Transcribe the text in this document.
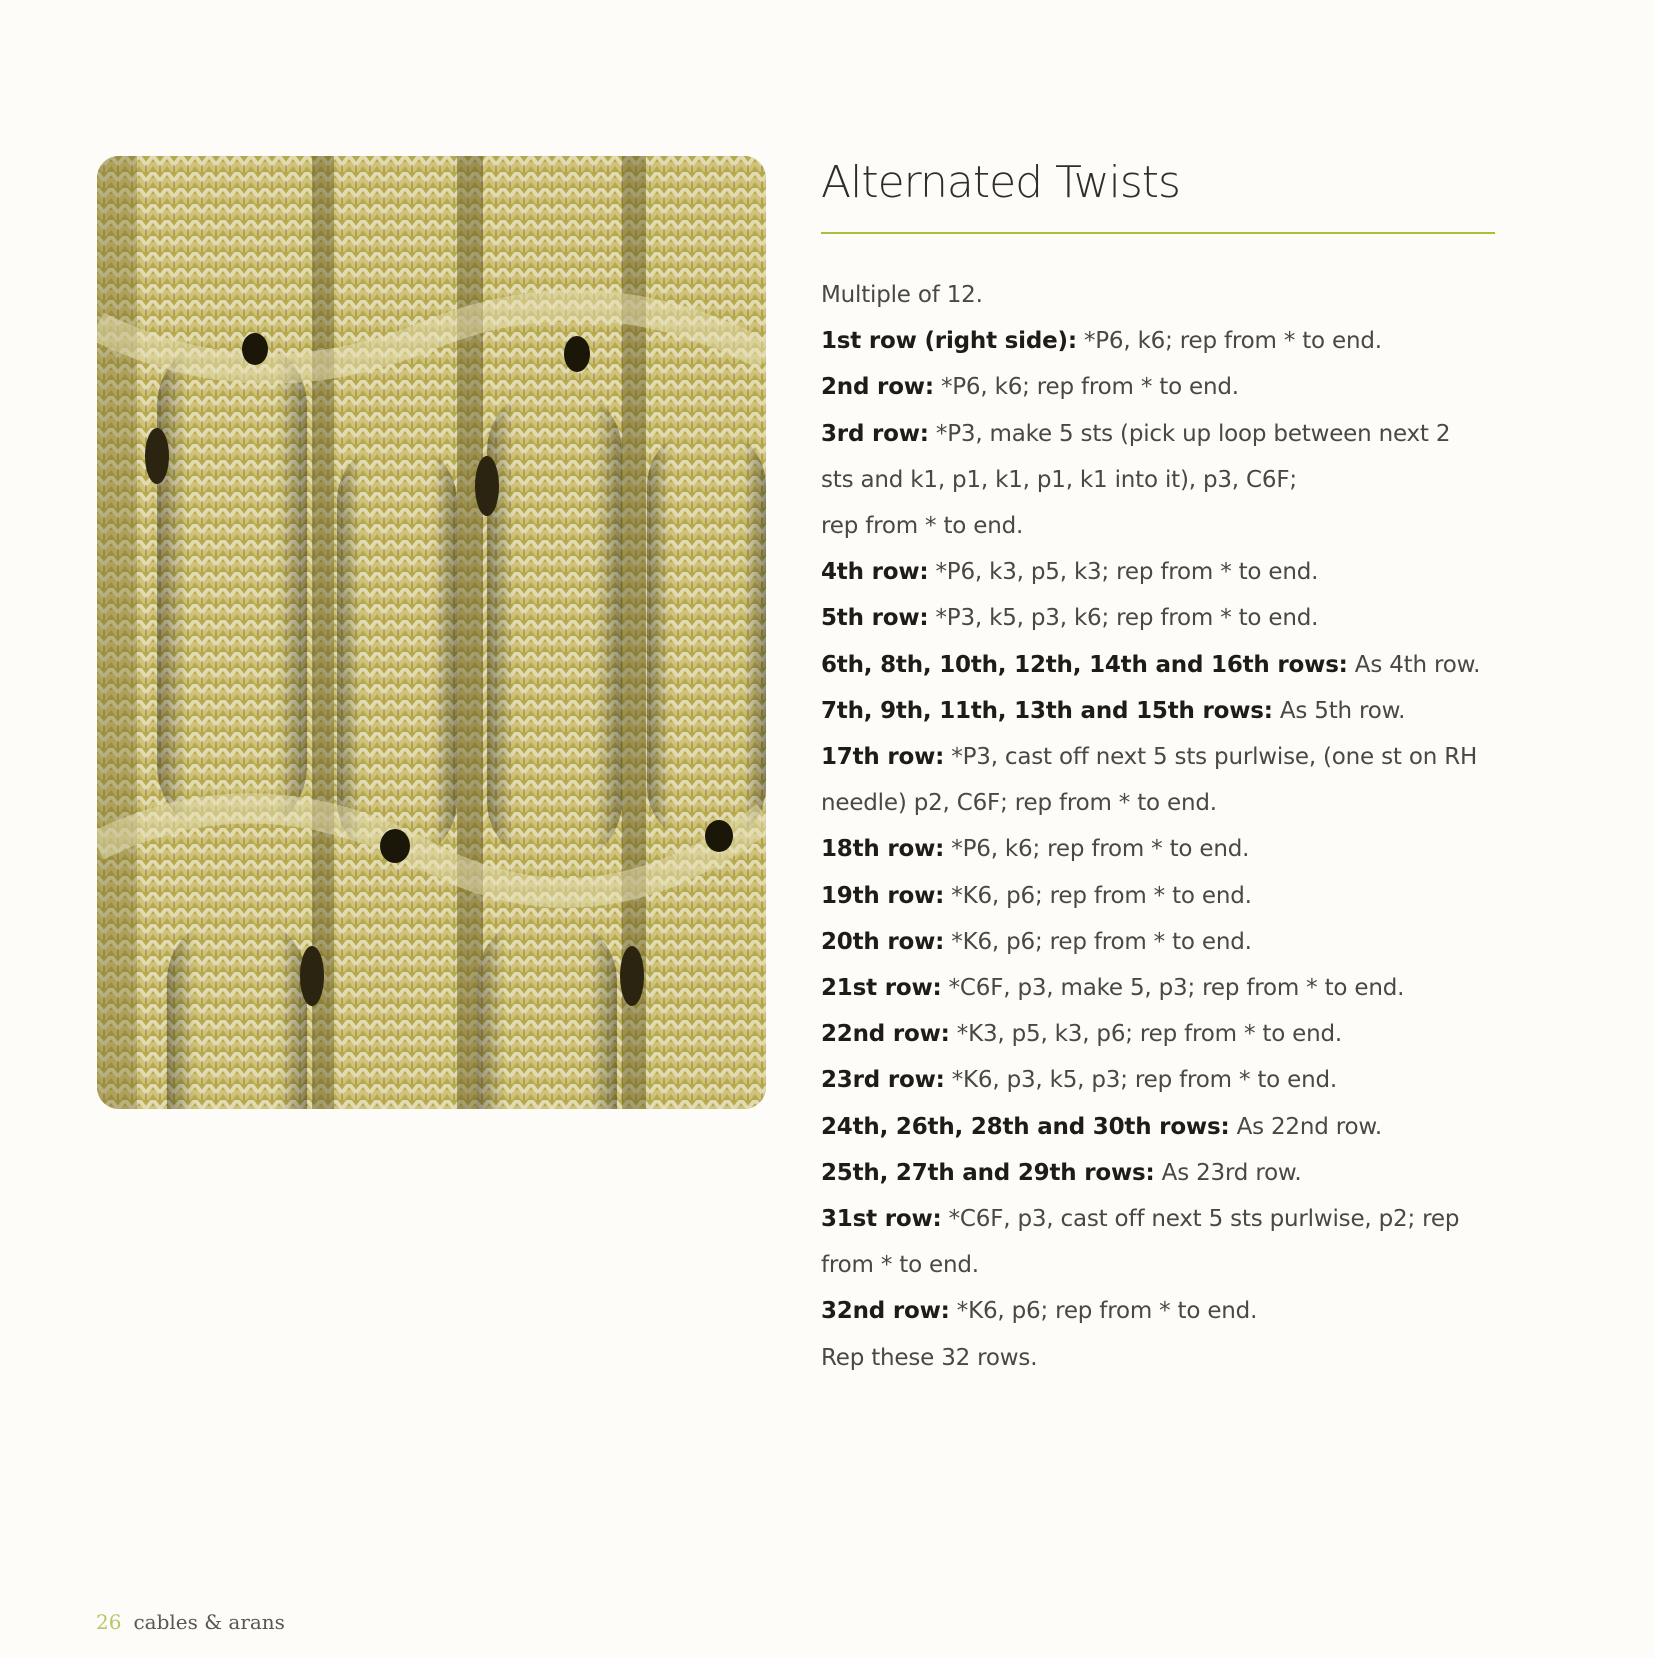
Alternated Twists
Multiple of 12.
1st row (right side): *P6, k6; rep from * to end.
2nd row: *P6, k6; rep from * to end.
3rd row: *P3, make 5 sts (pick up loop between next 2
sts and k1, p1, k1, p1, k1 into it), p3, C6F;
rep from * to end.
4th row: *P6, k3, p5, k3; rep from * to end.
5th row: *P3, k5, p3, k6; rep from * to end.
6th, 8th, 10th, 12th, 14th and 16th rows: As 4th row.
7th, 9th, 11th, 13th and 15th rows: As 5th row.
17th row: *P3, cast off next 5 sts purlwise, (one st on RH
needle) p2, C6F; rep from * to end.
18th row: *P6, k6; rep from * to end.
19th row: *K6, p6; rep from * to end.
20th row: *K6, p6; rep from * to end.
21st row: *C6F, p3, make 5, p3; rep from * to end.
22nd row: *K3, p5, k3, p6; rep from * to end.
23rd row: *K6, p3, k5, p3; rep from * to end.
24th, 26th, 28th and 30th rows: As 22nd row.
25th, 27th and 29th rows: As 23rd row.
31st row: *C6F, p3, cast off next 5 sts purlwise, p2; rep
from * to end.
32nd row: *K6, p6; rep from * to end.
Rep these 32 rows.
26 cables & arans
